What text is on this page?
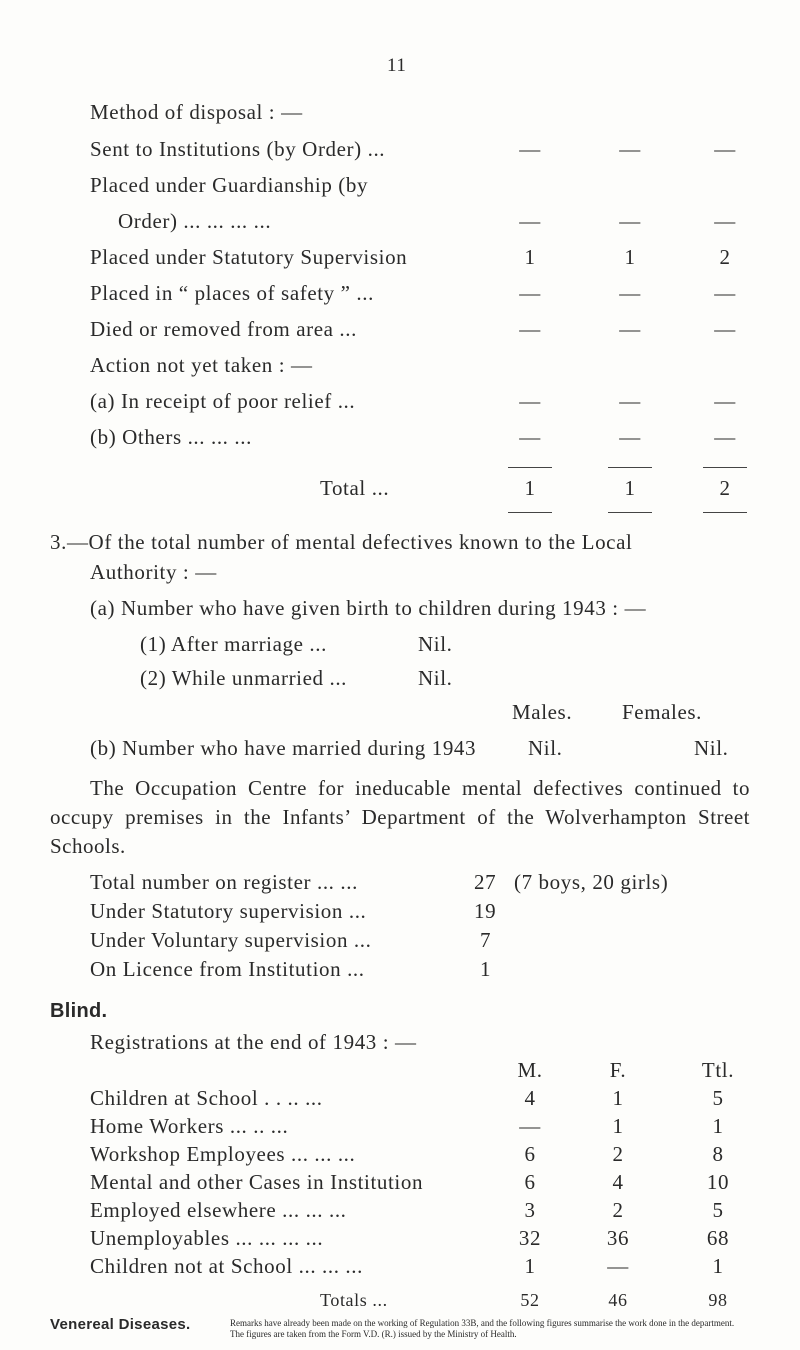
11
Method of disposal : —
Sent to Institutions (by Order) ...	—	—	—
Placed under Guardianship (by
Order) ... ... ... ...	—	—	—
Placed under Statutory Supervision	1	1	2
Placed in “ places of safety ” ...	—	—	—
Died or removed from area ...	—	—	—
Action not yet taken : —
(a) In receipt of poor relief ...	—	—	—
(b) Others ... ... ...	—	—	—
Total ...	1	1	2
3.—Of the total number of mental defectives known to the Local
Authority : —
(a) Number who have given birth to children during 1943 : —
(1) After marriage ...	Nil.
(2) While unmarried ...	Nil.
Males. Females.
(b) Number who have married during 1943 Nil.	Nil.
The Occupation Centre for ineducable mental defectives continued to occupy premises in the Infants’ Department of the Wolverhampton Street Schools.
Total number on register ... ...	27 (7 boys, 20 girls)
Under Statutory supervision ...	19
Under Voluntary supervision ...	7
On Licence from Institution ...	1
Blind.
Registrations at the end of 1943 : —
M.	F.	Ttl.
Children at School . . .. ...	4	1	5
Home Workers ... .. ...	—	1	1
Workshop Employees ... ... ...	6	2	8
Mental and other Cases in Institution	6	4	10
Employed elsewhere ... ... ...	3	2	5
Unemployables ... ... ... ...	32	36	68
Children not at School ... ... ...	1	—	1
Totals ...	52	46	98
Venereal Diseases.	Remarks have already been made on the working of Regulation 33B, and the following figures summarise the work done in the department. The figures are taken from the Form V.D. (R.) issued by the Ministry of Health.
